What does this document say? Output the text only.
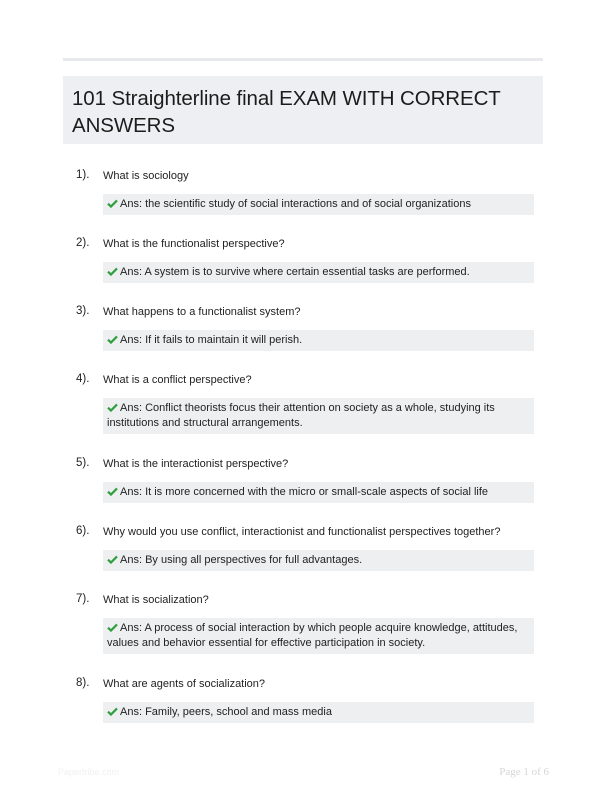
101 Straighterline final EXAM WITH CORRECT ANSWERS
1). What is sociology
Ans: the scientific study of social interactions and of social organizations
2). What is the functionalist perspective?
Ans: A system is to survive where certain essential tasks are performed.
3). What happens to a functionalist system?
Ans: If it fails to maintain it will perish.
4). What is a conflict perspective?
Ans: Conflict theorists focus their attention on society as a whole, studying its institutions and structural arrangements.
5). What is the interactionist perspective?
Ans: It is more concerned with the micro or small-scale aspects of social life
6). Why would you use conflict, interactionist and functionalist perspectives together?
Ans: By using all perspectives for full advantages.
7). What is socialization?
Ans: A process of social interaction by which people acquire knowledge, attitudes, values and behavior essential for effective participation in society.
8). What are agents of socialization?
Ans: Family, peers, school and mass media
Papertribe.com	Page 1 of 6
